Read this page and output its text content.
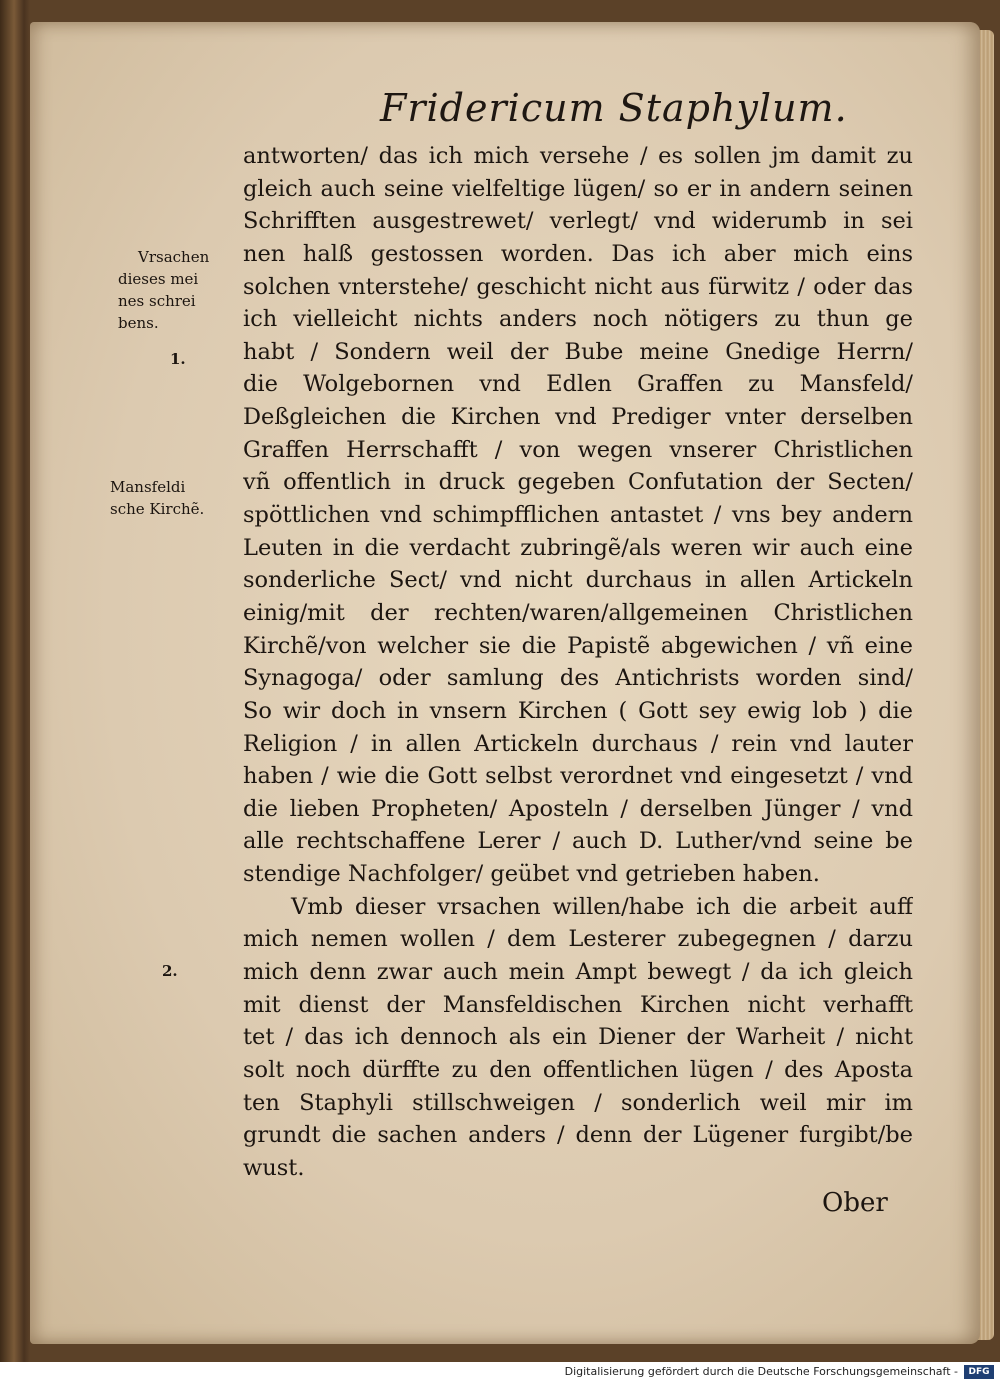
Fridericum Staphylum.
antworten/ das ich mich versehe / es sollen jm damit zu
gleich auch seine vielfeltige lügen/ so er in andern seinen
Schrifften ausgestrewet/ verlegt/ vnd widerumb in sei
nen halß gestossen worden. Das ich aber mich eins
solchen vnterstehe/ geschicht nicht aus fürwitz / oder das
ich vielleicht nichts anders noch nötigers zu thun ge
habt / Sondern weil der Bube meine Gnedige Herrn/
die Wolgebornen vnd Edlen Graffen zu Mansfeld/
Deßgleichen die Kirchen vnd Prediger vnter derselben
Graffen Herrschafft / von wegen vnserer Christlichen
vñ offentlich in druck gegeben Confutation der Secten/
spöttlichen vnd schimpfflichen antastet / vns bey andern
Leuten in die verdacht zubringẽ/als weren wir auch eine
sonderliche Sect/ vnd nicht durchaus in allen Artickeln
einig/mit der rechten/waren/allgemeinen Christlichen
Kirchẽ/von welcher sie die Papistẽ abgewichen / vñ eine
Synagoga/ oder samlung des Antichrists worden sind/
So wir doch in vnsern Kirchen ( Gott sey ewig lob ) die
Religion / in allen Artickeln durchaus / rein vnd lauter
haben / wie die Gott selbst verordnet vnd eingesetzt / vnd
die lieben Propheten/ Aposteln / derselben Jünger / vnd
alle rechtschaffene Lerer / auch D. Luther/vnd seine be
stendige Nachfolger/ geübet vnd getrieben haben.
Vmb dieser vrsachen willen/habe ich die arbeit auff
mich nemen wollen / dem Lesterer zubegegnen / darzu
mich denn zwar auch mein Ampt bewegt / da ich gleich
mit dienst der Mansfeldischen Kirchen nicht verhafft
tet / das ich dennoch als ein Diener der Warheit / nicht
solt noch dürffte zu den offentlichen lügen / des Aposta
ten Staphyli stillschweigen / sonderlich weil mir im
grundt die sachen anders / denn der Lügener furgibt/be
wust.
Vrsachen
dieses mei
nes schrei
bens.
1.
Mansfeldi
sche Kirchẽ.
2.
Ober
Digitalisierung gefördert durch die Deutsche Forschungsgemeinschaft -	DFG
